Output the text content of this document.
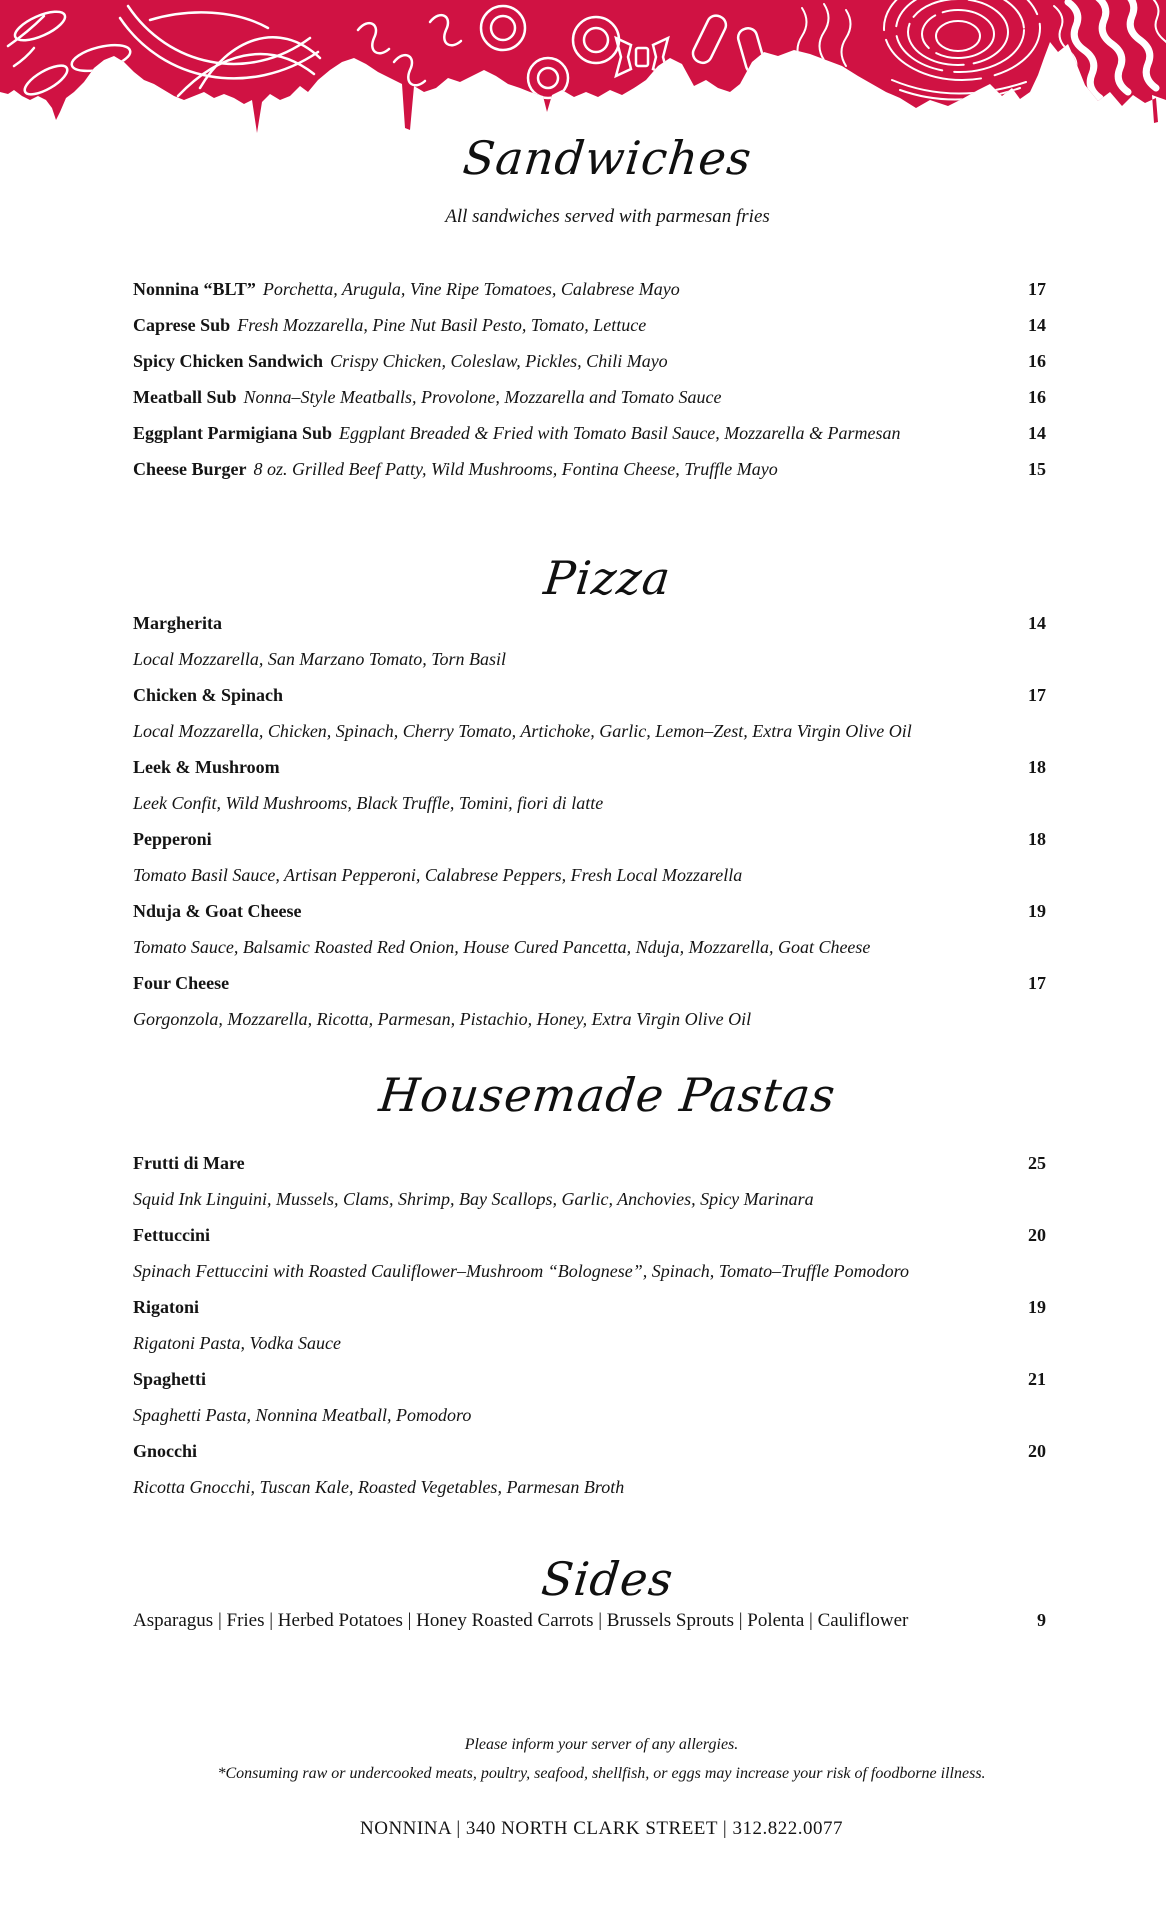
Sandwiches
All sandwiches served with parmesan fries
Nonnina “BLT” Porchetta, Arugula, Vine Ripe Tomatoes, Calabrese Mayo	17
Caprese Sub Fresh Mozzarella, Pine Nut Basil Pesto, Tomato, Lettuce	14
Spicy Chicken Sandwich Crispy Chicken, Coleslaw, Pickles, Chili Mayo	16
Meatball Sub Nonna–Style Meatballs, Provolone, Mozzarella and Tomato Sauce	16
Eggplant Parmigiana Sub Eggplant Breaded & Fried with Tomato Basil Sauce, Mozzarella & Parmesan	14
Cheese Burger 8 oz. Grilled Beef Patty, Wild Mushrooms, Fontina Cheese, Truffle Mayo	15
Pizza
Margherita	14
Local Mozzarella, San Marzano Tomato, Torn Basil
Chicken & Spinach	17
Local Mozzarella, Chicken, Spinach, Cherry Tomato, Artichoke, Garlic, Lemon–Zest, Extra Virgin Olive Oil
Leek & Mushroom	18
Leek Confit, Wild Mushrooms, Black Truffle, Tomini, fiori di latte
Pepperoni	18
Tomato Basil Sauce, Artisan Pepperoni, Calabrese Peppers, Fresh Local Mozzarella
Nduja & Goat Cheese	19
Tomato Sauce, Balsamic Roasted Red Onion, House Cured Pancetta, Nduja, Mozzarella, Goat Cheese
Four Cheese	17
Gorgonzola, Mozzarella, Ricotta, Parmesan, Pistachio, Honey, Extra Virgin Olive Oil
Housemade Pastas
Frutti di Mare	25
Squid Ink Linguini, Mussels, Clams, Shrimp, Bay Scallops, Garlic, Anchovies, Spicy Marinara
Fettuccini	20
Spinach Fettuccini with Roasted Cauliflower–Mushroom “Bolognese”, Spinach, Tomato–Truffle Pomodoro
Rigatoni	19
Rigatoni Pasta, Vodka Sauce
Spaghetti	21
Spaghetti Pasta, Nonnina Meatball, Pomodoro
Gnocchi	20
Ricotta Gnocchi, Tuscan Kale, Roasted Vegetables, Parmesan Broth
Sides
Asparagus | Fries | Herbed Potatoes | Honey Roasted Carrots | Brussels Sprouts | Polenta | Cauliflower	9
Please inform your server of any allergies.
*Consuming raw or undercooked meats, poultry, seafood, shellfish, or eggs may increase your risk of foodborne illness.
NONNINA | 340 NORTH CLARK STREET | 312.822.0077
